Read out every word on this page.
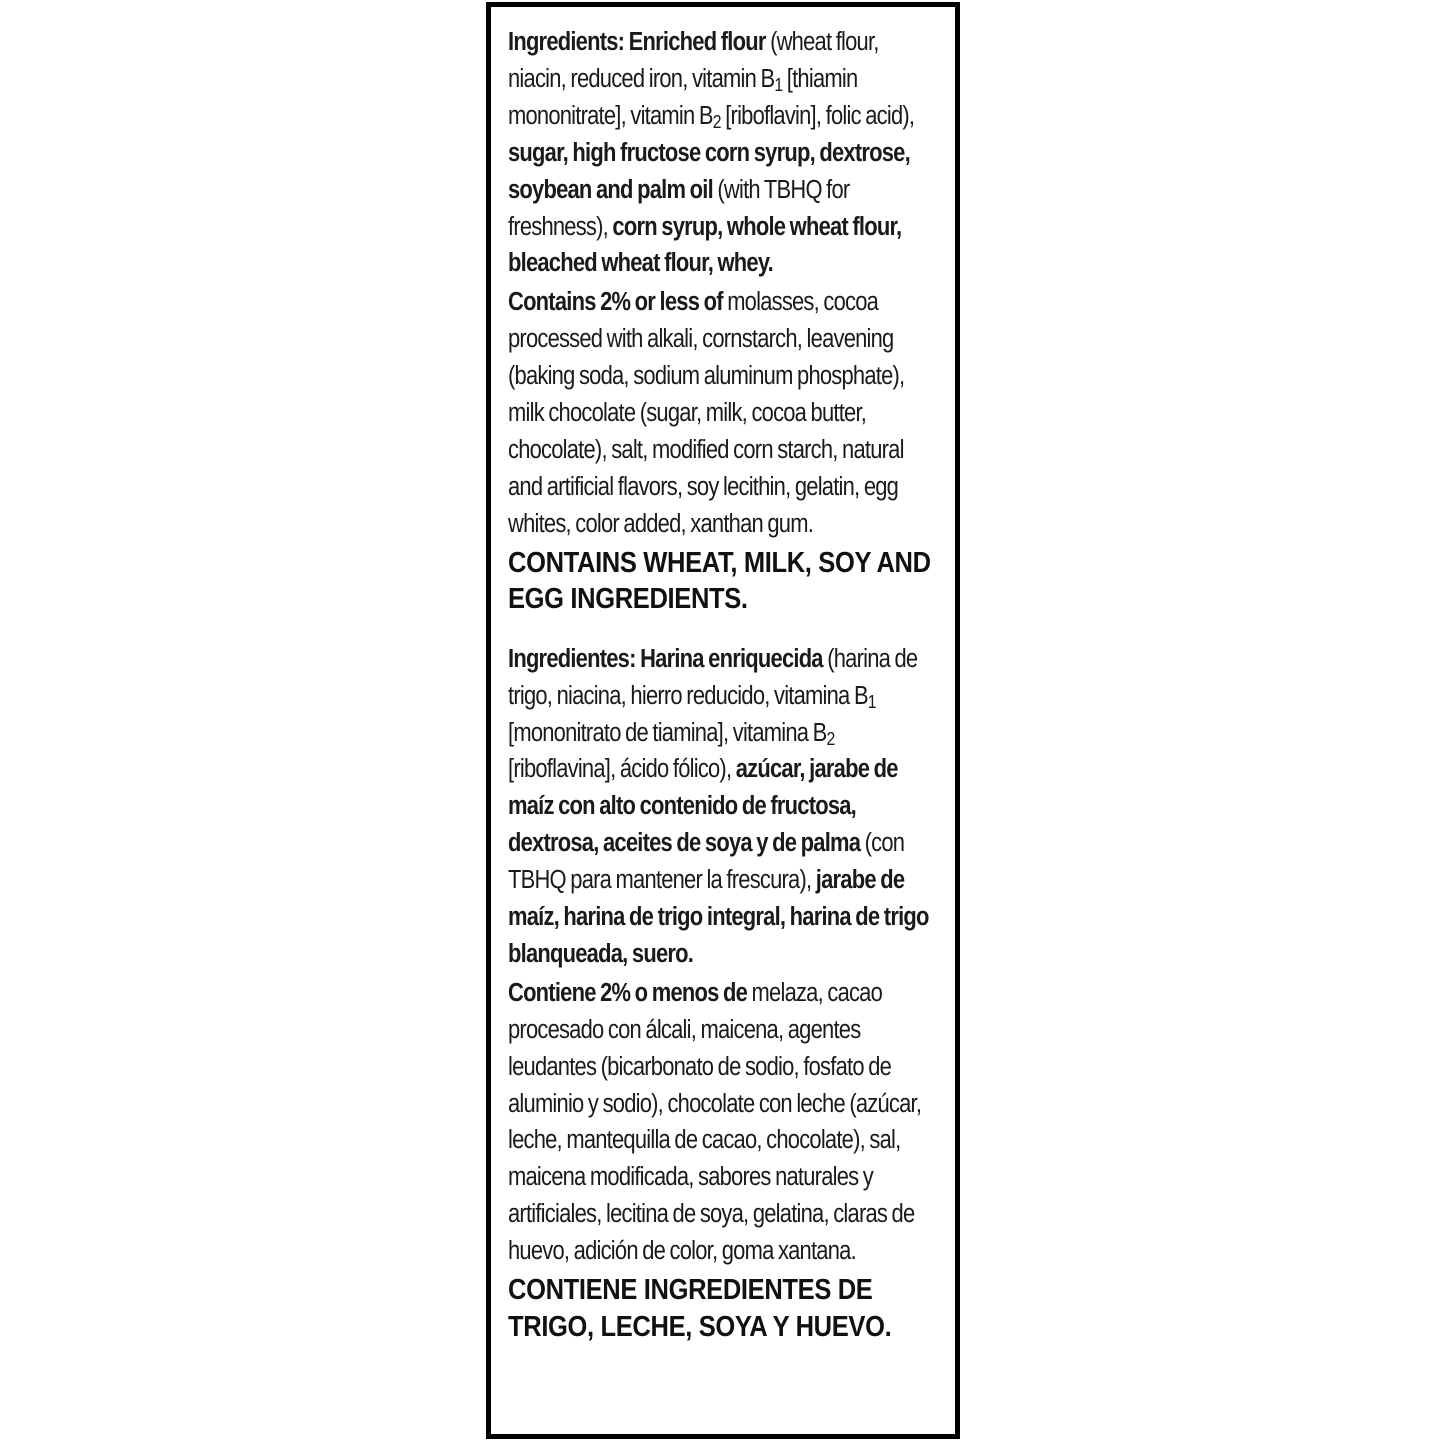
Ingredients: Enriched flour (wheat flour, niacin, reduced iron, vitamin $B_1$ [thiamin mononitrate], vitamin $B_2$ [riboflavin], folic acid), sugar, high fructose corn syrup, dextrose, soybean and palm oil (with TBHQ for freshness), corn syrup, whole wheat flour, bleached wheat flour, whey.

Contains 2% or less of molasses, cocoa processed with alkali, cornstarch, leavening (baking soda, sodium aluminum phosphate), milk chocolate (sugar, milk, cocoa butter, chocolate), salt, modified corn starch, natural and artificial flavors, soy lecithin, gelatin, egg whites, color added, xanthan gum.

CONTAINS WHEAT, MILK, SOY AND EGG INGREDIENTS.

Ingredientes: Harina enriquecida (harina de trigo, niacina, hierro reducido, vitamina $B_1$ [mononitrato de tiamina], vitamina $B_2$ [riboflavina], ácido fólico), azúcar, jarabe de maíz con alto contenido de fructosa, dextrosa, aceites de soya y de palma (con TBHQ para mantener la frescura), jarabe de maíz, harina de trigo integral, harina de trigo blanqueada, suero.

Contiene 2% o menos de melaza, cacao procesado con álcali, maicena, agentes leudantes (bicarbonato de sodio, fosfato de aluminio y sodio), chocolate con leche (azúcar, leche, mantequilla de cacao, chocolate), sal, maicena modificada, sabores naturales y artificiales, lecitina de soya, gelatina, claras de huevo, adición de color, goma xantana.

CONTIENE INGREDIENTES DE TRIGO, LECHE, SOYA Y HUEVO.
